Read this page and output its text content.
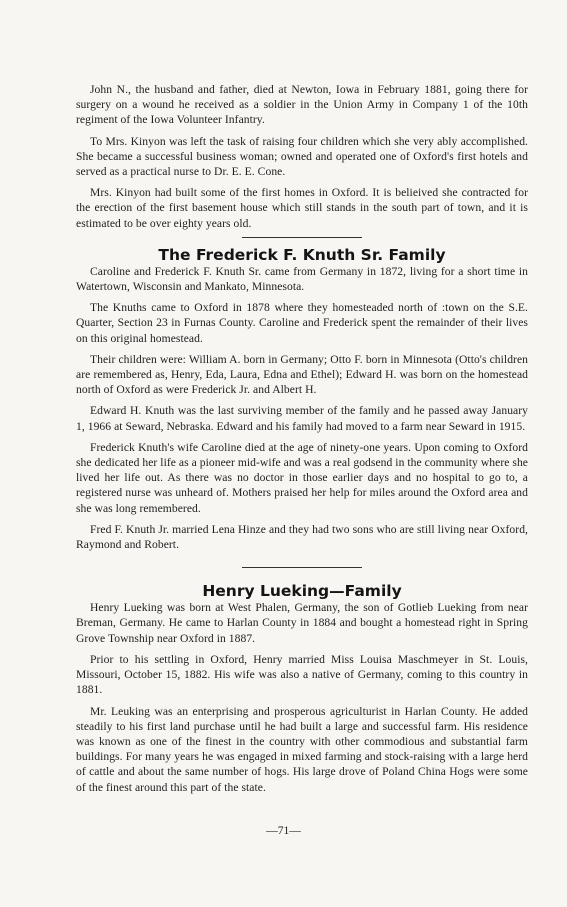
John N., the husband and father, died at Newton, Iowa in February 1881, going there for surgery on a wound he received as a soldier in the Union Army in Company 1 of the 10th regiment of the Iowa Volunteer Infantry.

To Mrs. Kinyon was left the task of raising four children which she very ably accomplished. She became a successful business woman; owned and operated one of Oxford's first hotels and served as a practical nurse to Dr. E. E. Cone.

Mrs. Kinyon had built some of the first homes in Oxford. It is belieived she contracted for the erection of the first basement house which still stands in the south part of town, and it is estimated to be over eighty years old.

The Frederick F. Knuth Sr. Family

Caroline and Frederick F. Knuth Sr. came from Germany in 1872, living for a short time in Watertown, Wisconsin and Mankato, Minnesota.

The Knuths came to Oxford in 1878 where they homesteaded north of :town on the S.E. Quarter, Section 23 in Furnas County. Caroline and Frederick spent the remainder of their lives on this original homestead.

Their children were: William A. born in Germany; Otto F. born in Minnesota (Otto's children are remembered as, Henry, Eda, Laura, Edna and Ethel); Edward H. was born on the homestead north of Oxford as were Frederick Jr. and Albert H.

Edward H. Knuth was the last surviving member of the family and he passed away January 1, 1966 at Seward, Nebraska. Edward and his family had moved to a farm near Seward in 1915.

Frederick Knuth's wife Caroline died at the age of ninety-one years. Upon coming to Oxford she dedicated her life as a pioneer mid-wife and was a real godsend in the community where she lived her life out. As there was no doctor in those earlier days and no hospital to go to, a registered nurse was unheard of. Mothers praised her help for miles around the Oxford area and she was long remembered.

Fred F. Knuth Jr. married Lena Hinze and they had two sons who are still living near Oxford, Raymond and Robert.

Henry Lueking—Family

Henry Lueking was born at West Phalen, Germany, the son of Gotlieb Lueking from near Breman, Germany. He came to Harlan County in 1884 and bought a homestead right in Spring Grove Township near Oxford in 1887.

Prior to his settling in Oxford, Henry married Miss Louisa Maschmeyer in St. Louis, Missouri, October 15, 1882. His wife was also a native of Germany, coming to this country in 1881.

Mr. Leuking was an enterprising and prosperous agriculturist in Harlan County. He added steadily to his first land purchase until he had built a large and successful farm. His residence was known as one of the finest in the country with other commodious and substantial farm buildings. For many years he was engaged in mixed farming and stock-raising with a large herd of cattle and about the same number of hogs. His large drove of Poland China Hogs were some of the finest around this part of the state.

—71—
